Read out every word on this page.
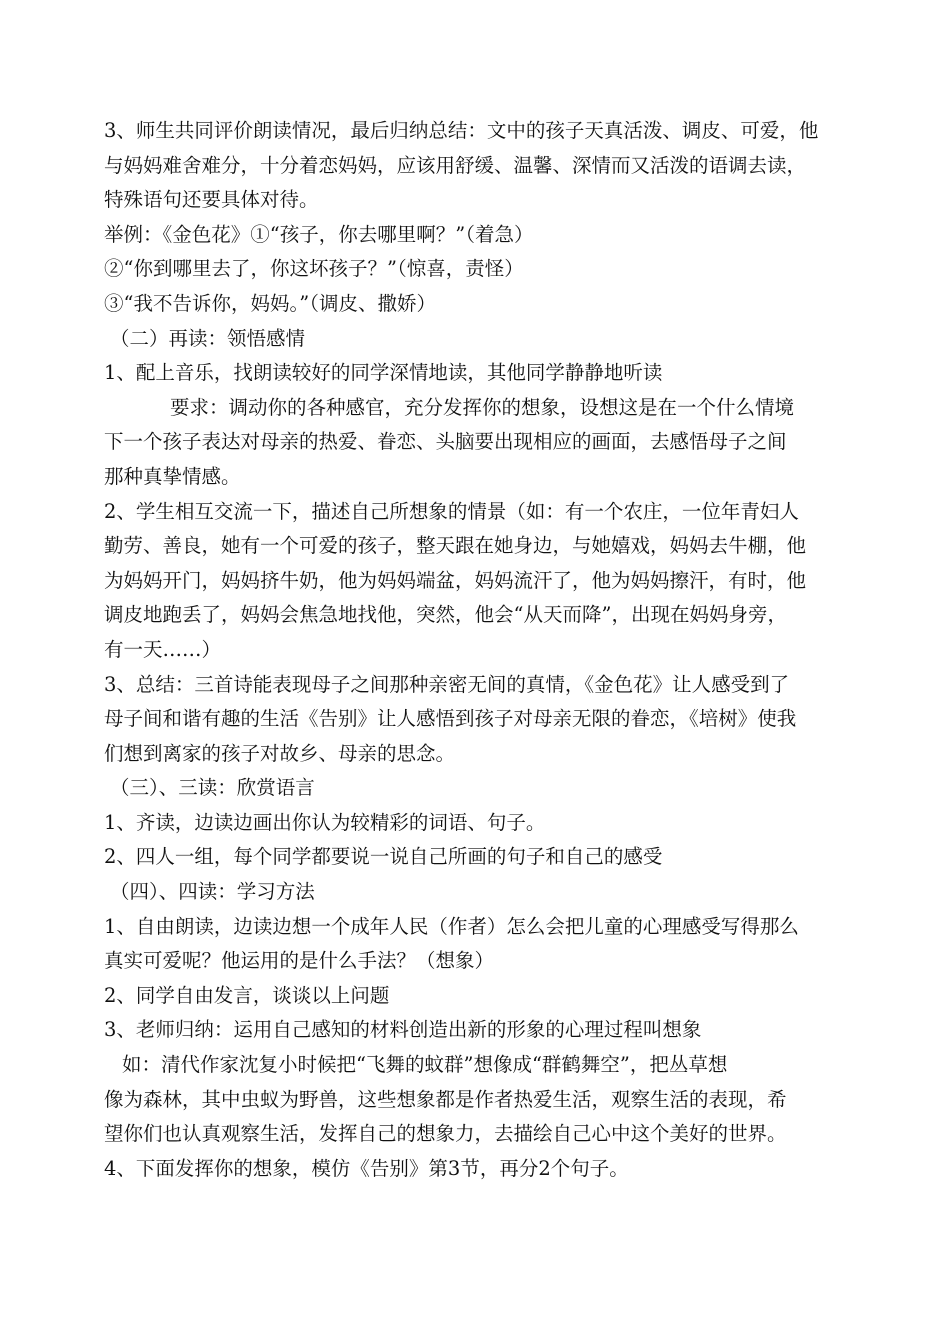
3、师生共同评价朗读情况，最后归纳总结：文中的孩子天真活泼、调皮、可爱，他
与妈妈难舍难分，十分着恋妈妈，应该用舒缓、温馨、深情而又活泼的语调去读，
特殊语句还要具体对待。
举例：《金色花》①“孩子，你去哪里啊？”（着急）
②“你到哪里去了，你这坏孩子？”（惊喜，责怪）
③“我不告诉你，妈妈。”（调皮、撒娇）
（二）再读：领悟感情
1、配上音乐，找朗读较好的同学深情地读，其他同学静静地听读
要求：调动你的各种感官，充分发挥你的想象，设想这是在一个什么情境
下一个孩子表达对母亲的热爱、眷恋、头脑要出现相应的画面，去感悟母子之间
那种真挚情感。
2、学生相互交流一下，描述自己所想象的情景（如：有一个农庄，一位年青妇人
勤劳、善良，她有一个可爱的孩子，整天跟在她身边，与她嬉戏，妈妈去牛棚，他
为妈妈开门，妈妈挤牛奶，他为妈妈端盆，妈妈流汗了，他为妈妈擦汗，有时，他
调皮地跑丢了，妈妈会焦急地找他，突然，他会“从天而降”，出现在妈妈身旁，
有一天……）
3、总结：三首诗能表现母子之间那种亲密无间的真情，《金色花》让人感受到了
母子间和谐有趣的生活《告别》让人感悟到孩子对母亲无限的眷恋，《培树》使我
们想到离家的孩子对故乡、母亲的思念。
（三）、三读：欣赏语言
1、齐读，边读边画出你认为较精彩的词语、句子。
2、四人一组，每个同学都要说一说自己所画的句子和自己的感受
（四）、四读：学习方法
1、自由朗读，边读边想一个成年人民（作者）怎么会把儿童的心理感受写得那么
真实可爱呢？他运用的是什么手法？（想象）
2、同学自由发言，谈谈以上问题
3、老师归纳：运用自己感知的材料创造出新的形象的心理过程叫想象
如：清代作家沈复小时候把“飞舞的蚊群”想像成“群鹤舞空”，把丛草想
像为森林，其中虫蚁为野兽，这些想象都是作者热爱生活，观察生活的表现，希
望你们也认真观察生活，发挥自己的想象力，去描绘自己心中这个美好的世界。
4、下面发挥你的想象，模仿《告别》第3节，再分2个句子。
